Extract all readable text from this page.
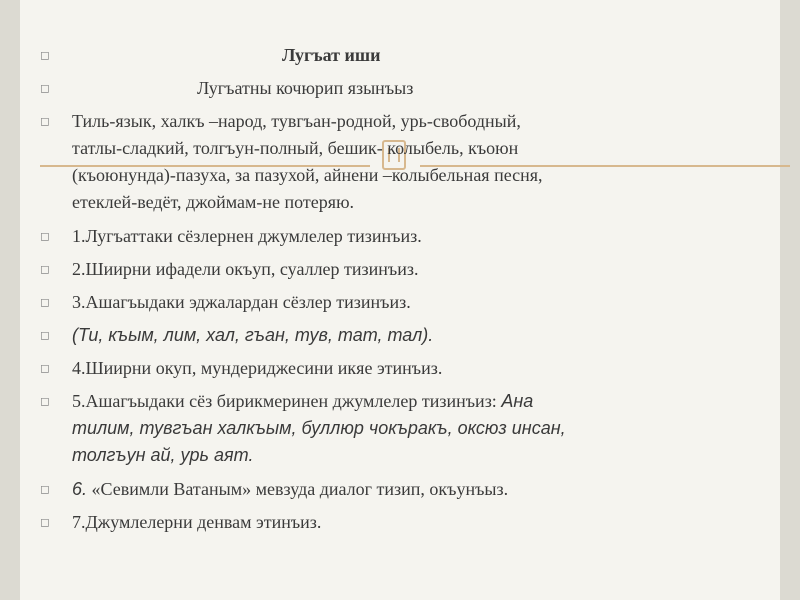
◻	Лугъат иши
◻	Лугъатны кочюрип язынъыз
◻	Тиль-язык, халкъ –народ, тувгъан-родной, урь-свободный,
татлы-сладкий, толгъун-полный, бешик- колыбель, къоюн
(къоюнунда)-пазуха, за пазухой, айнени –колыбельная песня,
етеклей-ведёт, джоймам-не потеряю.
◻	1.Лугъаттаки сёзлернен джумлелер тизинъиз.
◻	2.Шиирни ифадели окъуп, суаллер тизинъиз.
◻	3.Ашагъыдаки эджалардан сёзлер тизинъиз.
◻	(Ти, къым, лим, хал, гъан, тув, тат, тал).
◻	4.Шиирни окуп, мундериджесини икяе этинъиз.
◻	5.Ашагъыдаки сёз бирикмеринен джумлелер тизинъиз: Ана
тилим, тувгъан халкъым, буллюр чокъракъ, оксюз инсан,
толгъун ай, урь аят.
◻	6. «Севимли Ватаным» мевзуда диалог тизип, окъунъыз.
◻	7.Джумлелерни денвам этинъиз.
